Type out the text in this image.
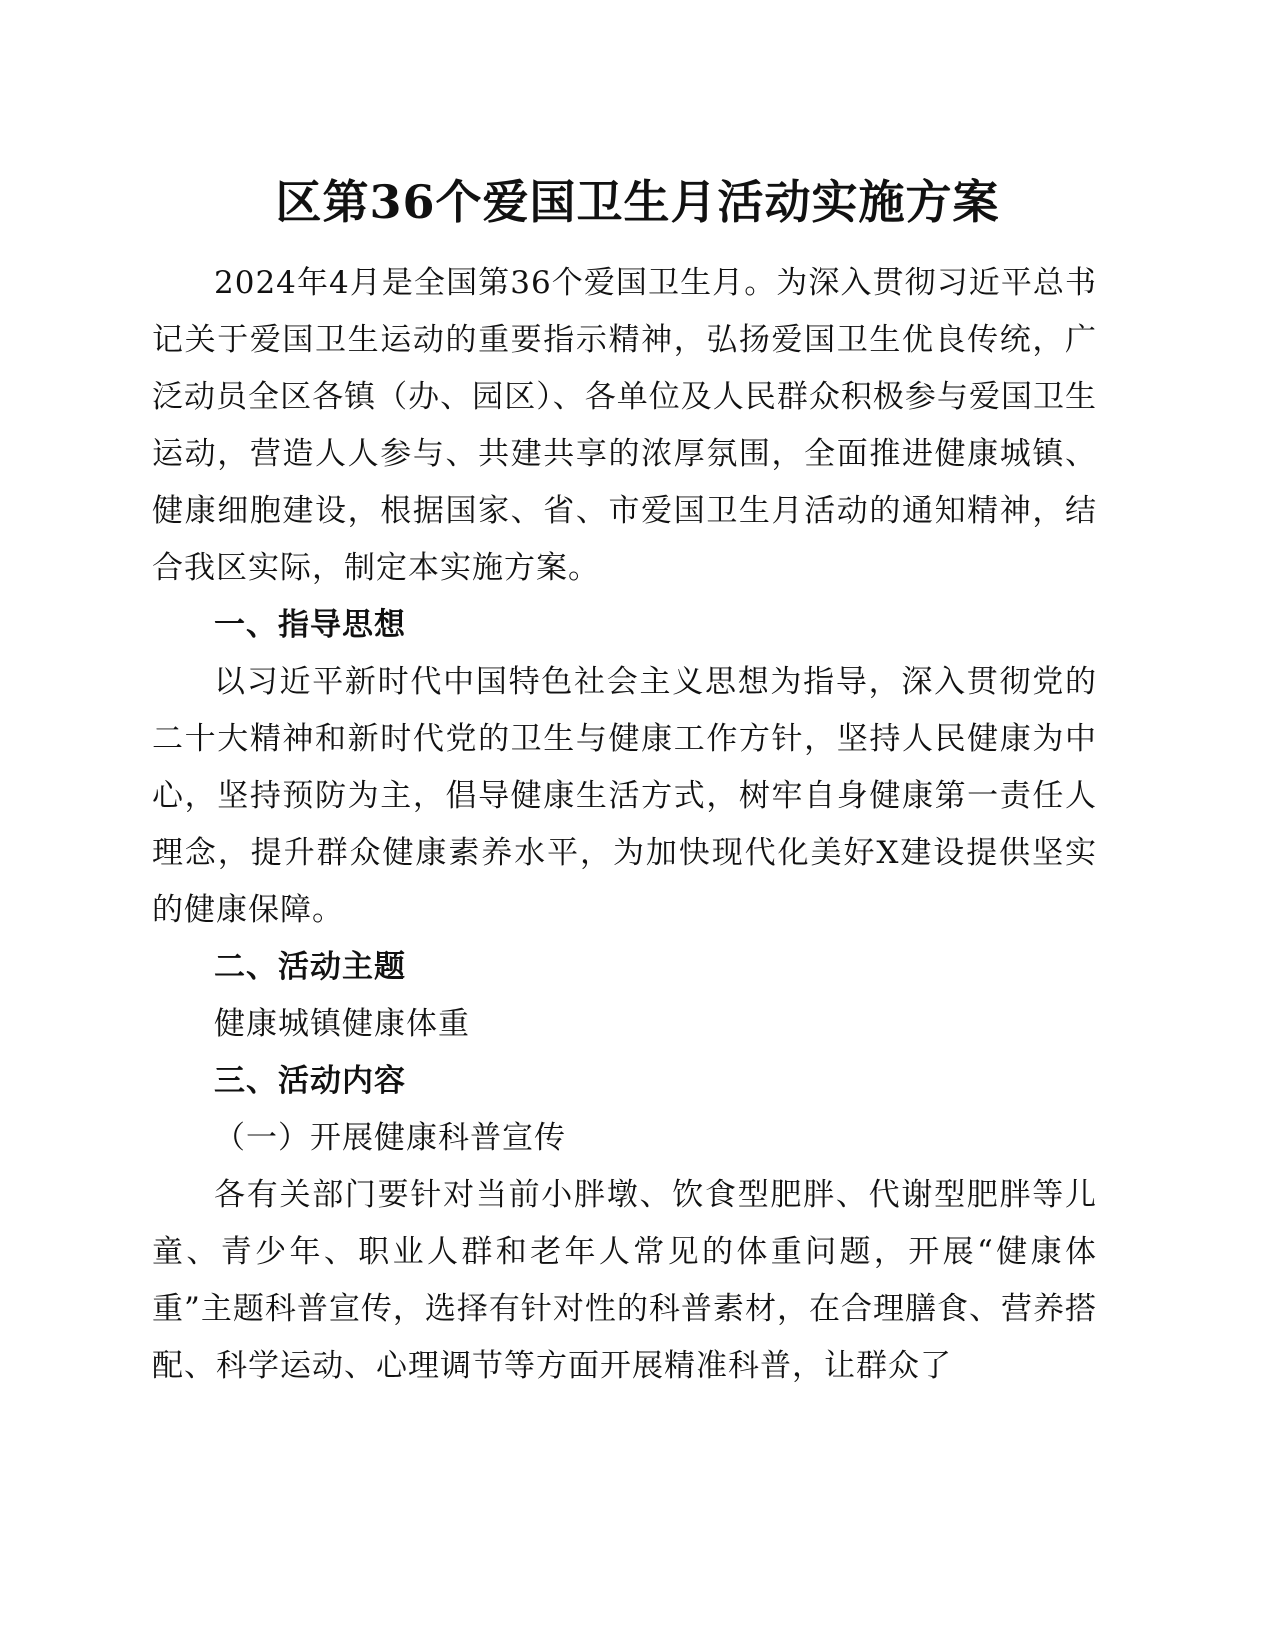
区第36个爱国卫生月活动实施方案

2024年4月是全国第36个爱国卫生月。为深入贯彻习近平总书记关于爱国卫生运动的重要指示精神，弘扬爱国卫生优良传统，广泛动员全区各镇（办、园区）、各单位及人民群众积极参与爱国卫生运动，营造人人参与、共建共享的浓厚氛围，全面推进健康城镇、健康细胞建设，根据国家、省、市爱国卫生月活动的通知精神，结合我区实际，制定本实施方案。

一、指导思想

以习近平新时代中国特色社会主义思想为指导，深入贯彻党的二十大精神和新时代党的卫生与健康工作方针，坚持人民健康为中心，坚持预防为主，倡导健康生活方式，树牢自身健康第一责任人理念，提升群众健康素养水平，为加快现代化美好X建设提供坚实的健康保障。

二、活动主题

健康城镇健康体重

三、活动内容

（一）开展健康科普宣传

各有关部门要针对当前小胖墩、饮食型肥胖、代谢型肥胖等儿童、青少年、职业人群和老年人常见的体重问题，开展“健康体重”主题科普宣传，选择有针对性的科普素材，在合理膳食、营养搭配、科学运动、心理调节等方面开展精准科普，让群众了
